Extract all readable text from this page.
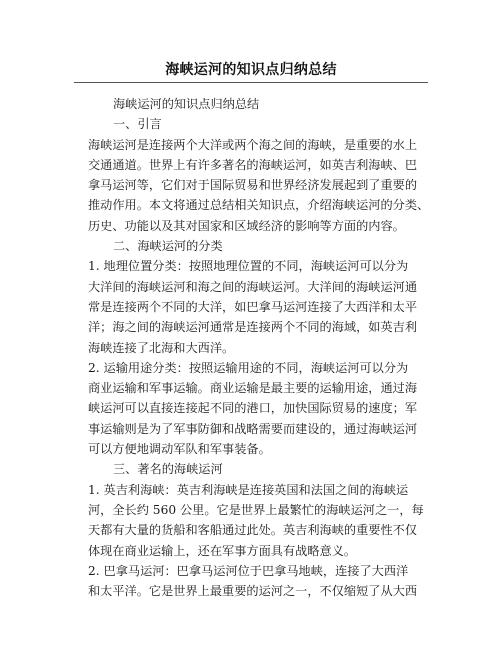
海峡运河的知识点归纳总结

海峡运河的知识点归纳总结

一、引言

海峡运河是连接两个大洋或两个海之间的海峡，是重要的水上

交通通道。世界上有许多著名的海峡运河，如英吉利海峡、巴

拿马运河等，它们对于国际贸易和世界经济发展起到了重要的

推动作用。本文将通过总结相关知识点，介绍海峡运河的分类、

历史、功能以及其对国家和区域经济的影响等方面的内容。

二、海峡运河的分类

1. 地理位置分类：按照地理位置的不同，海峡运河可以分为

大洋间的海峡运河和海之间的海峡运河。大洋间的海峡运河通

常是连接两个不同的大洋，如巴拿马运河连接了大西洋和太平

洋；海之间的海峡运河通常是连接两个不同的海域，如英吉利

海峡连接了北海和大西洋。

2. 运输用途分类：按照运输用途的不同，海峡运河可以分为

商业运输和军事运输。商业运输是最主要的运输用途，通过海

峡运河可以直接连接起不同的港口，加快国际贸易的速度；军

事运输则是为了军事防御和战略需要而建设的，通过海峡运河

可以方便地调动军队和军事装备。

三、著名的海峡运河

1. 英吉利海峡：英吉利海峡是连接英国和法国之间的海峡运

河，全长约 560 公里。它是世界上最繁忙的海峡运河之一，每

天都有大量的货船和客船通过此处。英吉利海峡的重要性不仅

体现在商业运输上，还在军事方面具有战略意义。

2. 巴拿马运河：巴拿马运河位于巴拿马地峡，连接了大西洋

和太平洋。它是世界上最重要的运河之一，不仅缩短了从大西
